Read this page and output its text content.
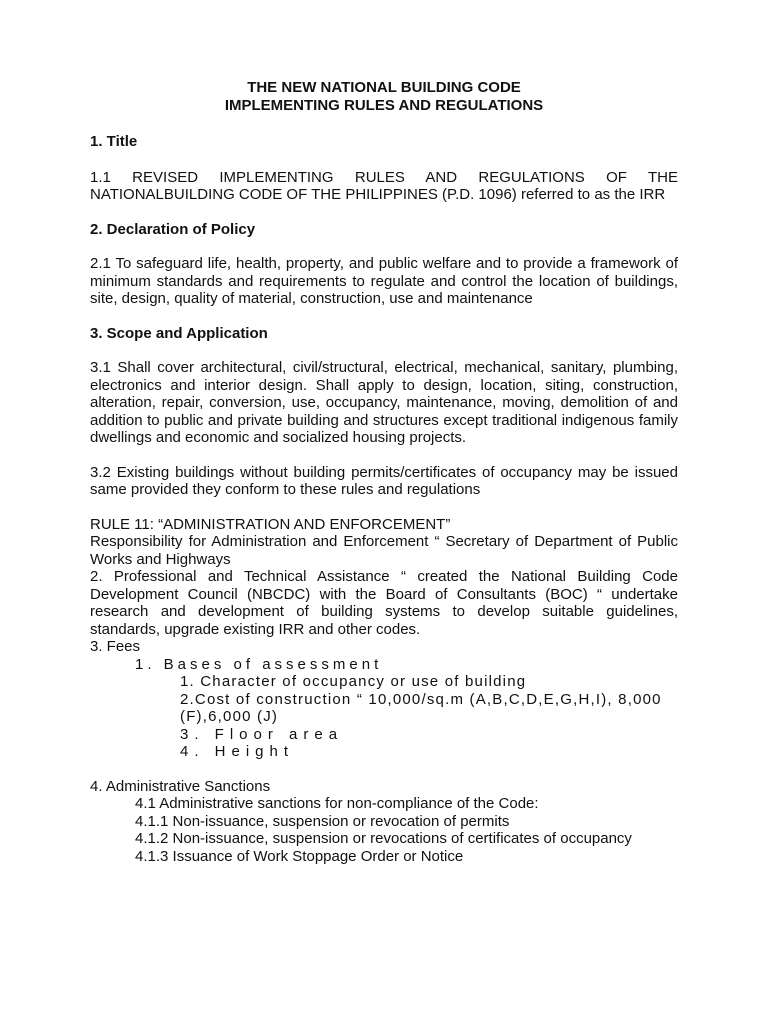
THE NEW NATIONAL BUILDING CODE
IMPLEMENTING RULES AND REGULATIONS

1. Title

1.1 REVISED IMPLEMENTING RULES AND REGULATIONS OF THE NATIONALBUILDING CODE OF THE PHILIPPINES (P.D. 1096) referred to as the IRR

2. Declaration of Policy

2.1 To safeguard life, health, property, and public welfare and to provide a framework of minimum standards and requirements to regulate and control the location of buildings, site, design, quality of material, construction, use and maintenance

3. Scope and Application

3.1 Shall cover architectural, civil/structural, electrical, mechanical, sanitary, plumbing, electronics and interior design. Shall apply to design, location, siting, construction, alteration, repair, conversion, use, occupancy, maintenance, moving, demolition of and addition to public and private building and structures except traditional indigenous family dwellings and economic and socialized housing projects.

3.2 Existing buildings without building permits/certificates of occupancy may be issued same provided they conform to these rules and regulations

RULE 11: “ADMINISTRATION AND ENFORCEMENT”

Responsibility for Administration and Enforcement “ Secretary of Department of Public Works and Highways

2. Professional and Technical Assistance “ created the National Building Code Development Council (NBCDC) with the Board of Consultants (BOC) “ undertake research and development of building systems to develop suitable guidelines, standards, upgrade existing IRR and other codes.

3. Fees

1. Bases of assessment

1. Character of occupancy or use of building

2.Cost of construction “ 10,000/sq.m (A,B,C,D,E,G,H,I), 8,000 (F),6,000 (J)

3. Floor area

4. Height

4. Administrative Sanctions

4.1 Administrative sanctions for non-compliance of the Code:

4.1.1 Non-issuance, suspension or revocation of permits

4.1.2 Non-issuance, suspension or revocations of certificates of occupancy

4.1.3 Issuance of Work Stoppage Order or Notice
